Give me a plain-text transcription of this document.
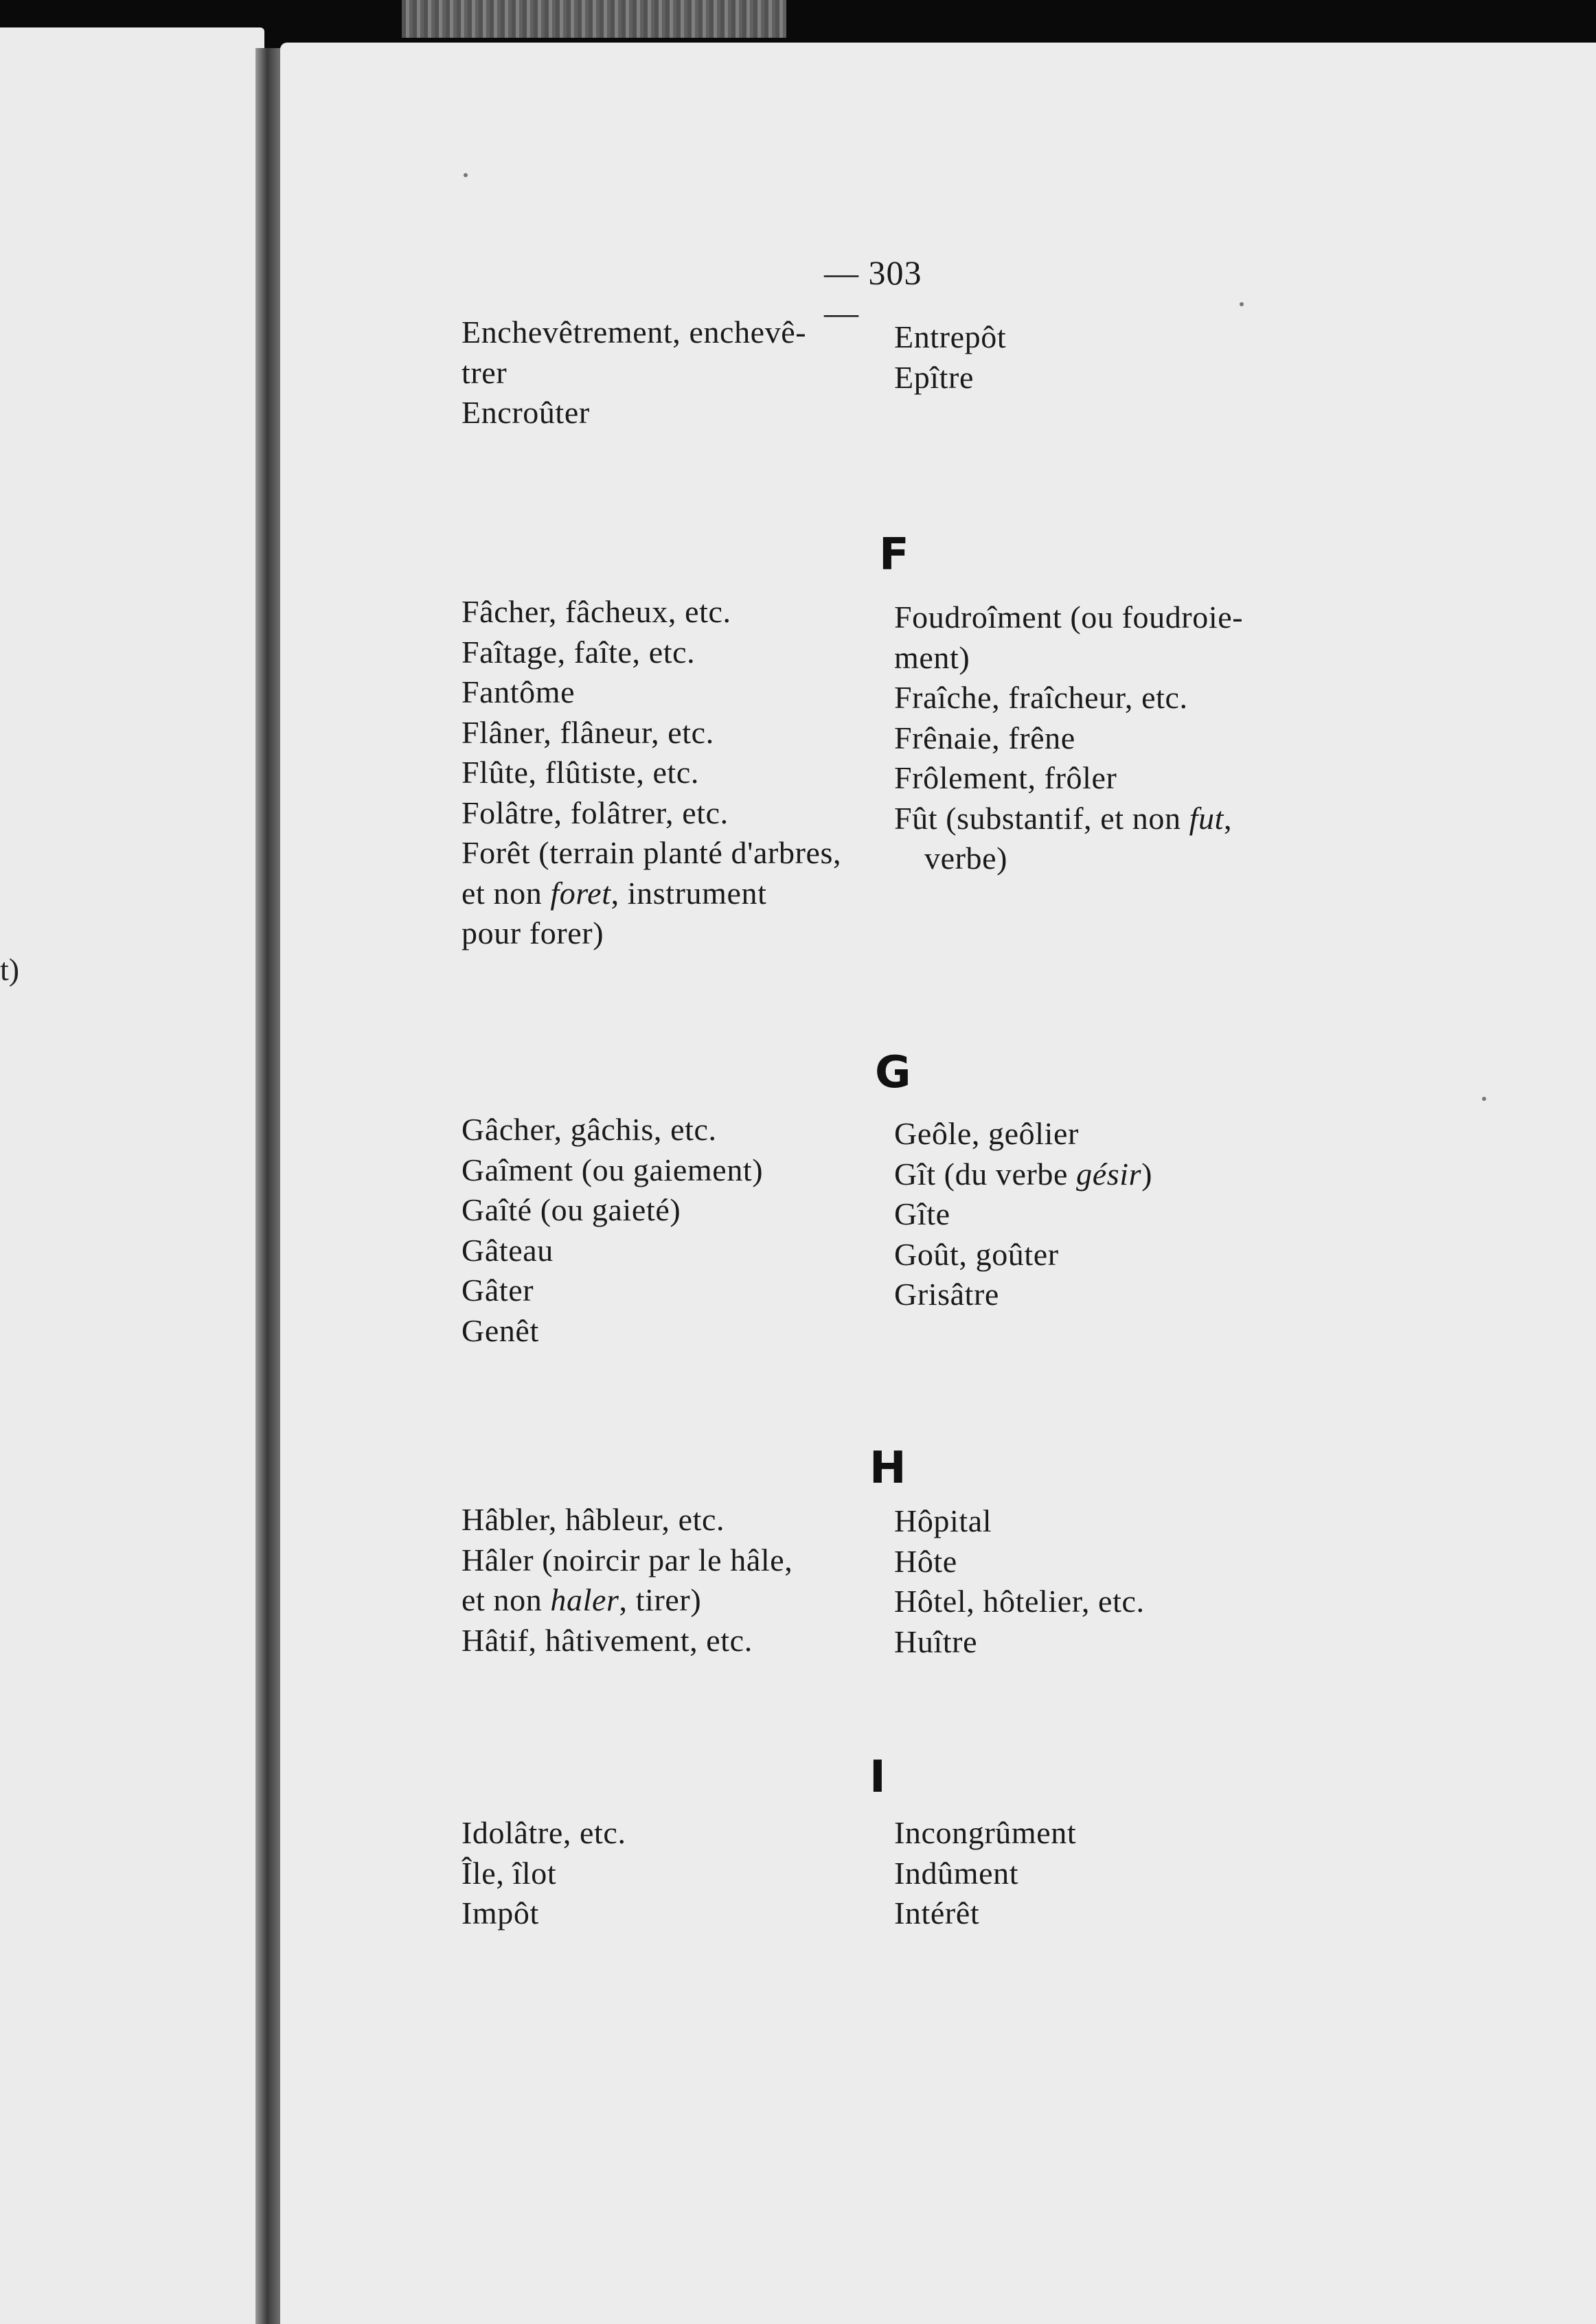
t)
— 303 —
Enchevêtrement, enchevê-
trer
Encroûter
Entrepôt
Epître
F
Fâcher, fâcheux, etc.
Faîtage, faîte, etc.
Fantôme
Flâner, flâneur, etc.
Flûte, flûtiste, etc.
Folâtre, folâtrer, etc.
Forêt (terrain planté d'arbres,
et non foret, instrument
pour forer)
Foudroîment (ou foudroie-
ment)
Fraîche, fraîcheur, etc.
Frênaie, frêne
Frôlement, frôler
Fût (substantif, et non fut,
verbe)
G
Gâcher, gâchis, etc.
Gaîment (ou gaiement)
Gaîté (ou gaieté)
Gâteau
Gâter
Genêt
Geôle, geôlier
Gît (du verbe gésir)
Gîte
Goût, goûter
Grisâtre
H
Hâbler, hâbleur, etc.
Hâler (noircir par le hâle,
et non haler, tirer)
Hâtif, hâtivement, etc.
Hôpital
Hôte
Hôtel, hôtelier, etc.
Huître
I
Idolâtre, etc.
Île, îlot
Impôt
Incongrûment
Indûment
Intérêt
